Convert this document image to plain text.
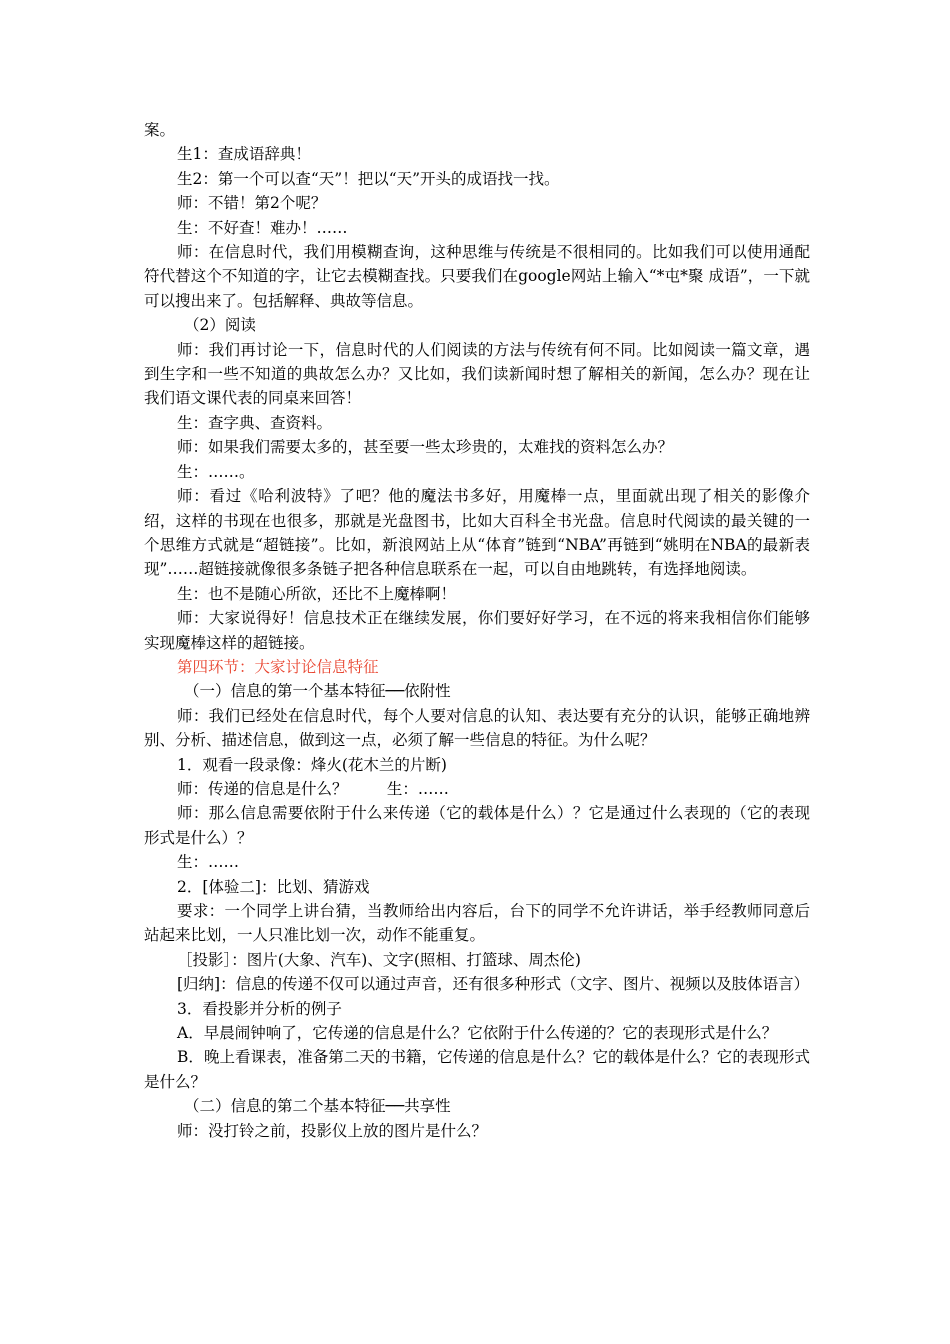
案。

生1：查成语辞典！

生2：第一个可以查“天”！把以“天”开头的成语找一找。

师：不错！第2个呢？

生：不好查！难办！……

师：在信息时代，我们用模糊查询，这种思维与传统是不很相同的。比如我们可以使用通配符代替这个不知道的字，让它去模糊查找。只要我们在google网站上输入“*屯*聚 成语”，一下就可以搜出来了。包括解释、典故等信息。

（2）阅读

师：我们再讨论一下，信息时代的人们阅读的方法与传统有何不同。比如阅读一篇文章，遇到生字和一些不知道的典故怎么办？又比如，我们读新闻时想了解相关的新闻，怎么办？现在让我们语文课代表的同桌来回答！

生：查字典、查资料。

师：如果我们需要太多的，甚至要一些太珍贵的，太难找的资料怎么办？

生：……。

师：看过《哈利波特》了吧？他的魔法书多好，用魔棒一点，里面就出现了相关的影像介绍，这样的书现在也很多，那就是光盘图书，比如大百科全书光盘。信息时代阅读的最关键的一个思维方式就是“超链接”。比如，新浪网站上从“体育”链到“NBA”再链到“姚明在NBA的最新表现”……超链接就像很多条链子把各种信息联系在一起，可以自由地跳转，有选择地阅读。

生：也不是随心所欲，还比不上魔棒啊！

师：大家说得好！信息技术正在继续发展，你们要好好学习，在不远的将来我相信你们能够实现魔棒这样的超链接。

第四环节：大家讨论信息特征

（一）信息的第一个基本特征──依附性

师：我们已经处在信息时代，每个人要对信息的认知、表达要有充分的认识，能够正确地辨别、分析、描述信息，做到这一点，必须了解一些信息的特征。为什么呢？

1．观看一段录像：烽火(花木兰的片断)

师：传递的信息是什么？        生：……

师：那么信息需要依附于什么来传递（它的载体是什么）？它是通过什么表现的（它的表现形式是什么）？

生：……

2．[体验二]：比划、猜游戏

要求：一个同学上讲台猜，当教师给出内容后，台下的同学不允许讲话，举手经教师同意后站起来比划，一人只准比划一次，动作不能重复。

［投影］：图片(大象、汽车)、文字(照相、打篮球、周杰伦)

[归纳]：信息的传递不仅可以通过声音，还有很多种形式（文字、图片、视频以及肢体语言）

3．看投影并分析的例子

A．早晨闹钟响了，它传递的信息是什么？它依附于什么传递的？它的表现形式是什么？

B．晚上看课表，准备第二天的书籍，它传递的信息是什么？它的载体是什么？它的表现形式是什么？

（二）信息的第二个基本特征──共享性

师：没打铃之前，投影仪上放的图片是什么？
